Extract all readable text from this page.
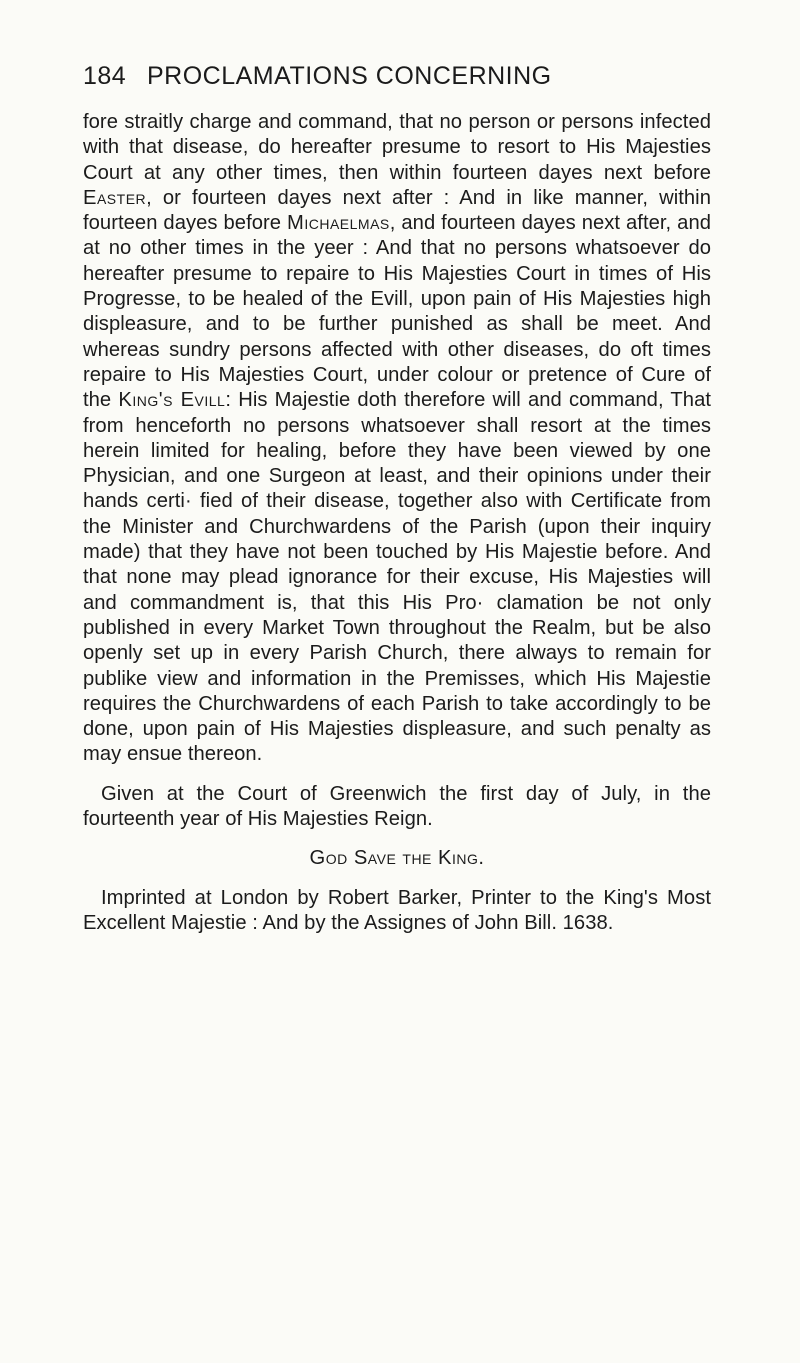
184 PROCLAMATIONS CONCERNING

fore straitly charge and command, that no person or persons infected with that disease, do hereafter presume to resort to His Majesties Court at any other times, then within fourteen dayes next before Easter, or fourteen dayes next after : And in like manner, within fourteen dayes before Michaelmas, and fourteen dayes next after, and at no other times in the yeer : And that no persons whatsoever do hereafter presume to repaire to His Majesties Court in times of His Progresse, to be healed of the Evill, upon pain of His Majesties high displeasure, and to be further punished as shall be meet. And whereas sundry persons affected with other diseases, do oft times repaire to His Majesties Court, under colour or pretence of Cure of the King's Evill: His Majestie doth therefore will and command, That from henceforth no persons whatsoever shall resort at the times herein limited for healing, before they have been viewed by one Physician, and one Surgeon at least, and their opinions under their hands certi· fied of their disease, together also with Certificate from the Minister and Churchwardens of the Parish (upon their inquiry made) that they have not been touched by His Majestie before. And that none may plead ignorance for their excuse, His Majesties will and commandment is, that this His Pro· clamation be not only published in every Market Town throughout the Realm, but be also openly set up in every Parish Church, there always to remain for publike view and information in the Premisses, which His Majestie requires the Churchwardens of each Parish to take accordingly to be done, upon pain of His Majesties displeasure, and such penalty as may ensue thereon.

Given at the Court of Greenwich the first day of July, in the fourteenth year of His Majesties Reign.

God Save the King.

Imprinted at London by Robert Barker, Printer to the King's Most Excellent Majestie : And by the Assignes of John Bill. 1638.
